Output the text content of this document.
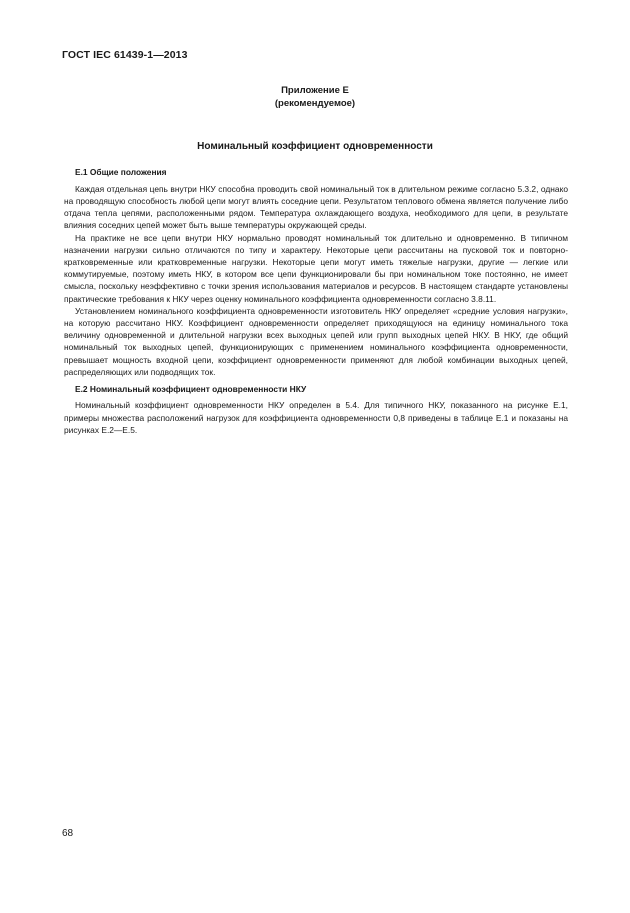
ГОСТ IEC 61439-1—2013
Приложение Е
(рекомендуемое)
Номинальный коэффициент одновременности
Е.1 Общие положения

Каждая отдельная цепь внутри НКУ способна проводить свой номинальный ток в длительном режиме согласно 5.3.2, однако на проводящую способность любой цепи могут влиять соседние цепи. Результатом теплового обмена является получение либо отдача тепла цепями, расположенными рядом. Температура охлаждающего воздуха, необходимого для цепи, в результате влияния соседних цепей может быть выше температуры окружающей среды.

На практике не все цепи внутри НКУ нормально проводят номинальный ток длительно и одновременно. В типичном назначении нагрузки сильно отличаются по типу и характеру. Некоторые цепи рассчитаны на пусковой ток и повторно-кратковременные или кратковременные нагрузки. Некоторые цепи могут иметь тяжелые нагрузки, другие — легкие или коммутируемые, поэтому иметь НКУ, в котором все цепи функционировали бы при номинальном токе постоянно, не имеет смысла, поскольку неэффективно с точки зрения использования материалов и ресурсов. В настоящем стандарте установлены практические требования к НКУ через оценку номинального коэффициента одновременности согласно 3.8.11.

Установлением номинального коэффициента одновременности изготовитель НКУ определяет «средние условия нагрузки», на которую рассчитано НКУ. Коэффициент одновременности определяет приходящуюся на единицу номинального тока величину одновременной и длительной нагрузки всех выходных цепей или групп выходных цепей НКУ. В НКУ, где общий номинальный ток выходных цепей, функционирующих с применением номинального коэффициента одновременности, превышает мощность входной цепи, коэффициент одновременности применяют для любой комбинации выходных цепей, распределяющих или подводящих ток.

Е.2 Номинальный коэффициент одновременности НКУ

Номинальный коэффициент одновременности НКУ определен в 5.4. Для типичного НКУ, показанного на рисунке Е.1, примеры множества расположений нагрузок для коэффициента одновременности 0,8 приведены в таблице Е.1 и показаны на рисунках Е.2—Е.5.

68
